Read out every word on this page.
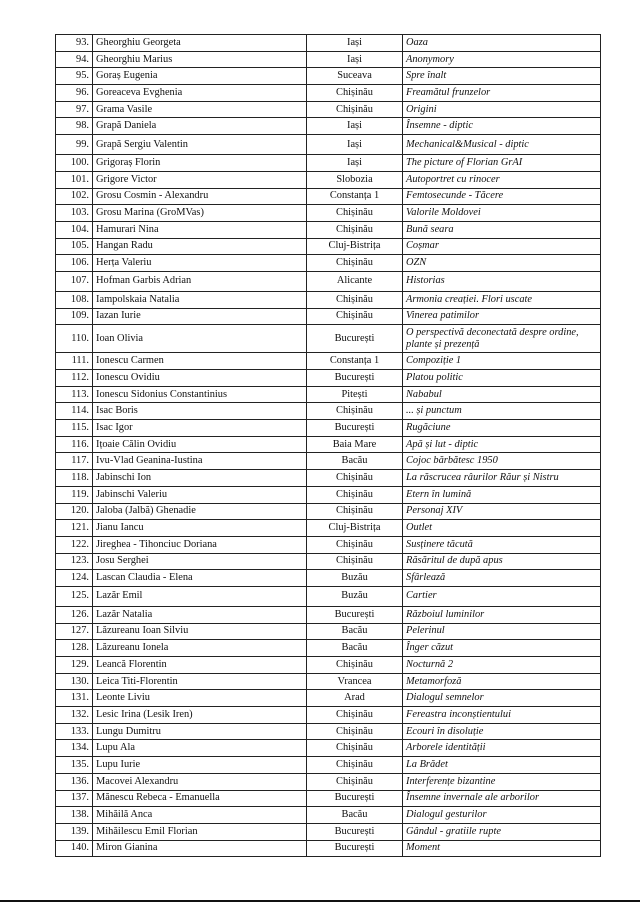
93.	Gheorghiu Georgeta	Iași	Oaza
94.	Gheorghiu Marius	Iași	Anonymory
95.	Goraș Eugenia	Suceava	Spre înalt
96.	Goreaceva Evghenia	Chișinău	Freamătul frunzelor
97.	Grama Vasile	Chișinău	Origini
98.	Grapă Daniela	Iași	Însemne - diptic
99.	Grapă Sergiu Valentin	Iași	Mechanical&Musical - diptic
100.	Grigoraș Florin	Iași	The picture of Florian GrAI
101.	Grigore Victor	Slobozia	Autoportret cu rinocer
102.	Grosu Cosmin - Alexandru	Constanța 1	Femtosecunde - Tăcere
103.	Grosu Marina (GroMVas)	Chișinău	Valorile Moldovei
104.	Hamurari Nina	Chișinău	Bună seara
105.	Hangan Radu	Cluj-Bistrița	Coșmar
106.	Herța Valeriu	Chișinău	OZN
107.	Hofman Garbis Adrian	Alicante	Historias
108.	Iampolskaia Natalia	Chișinău	Armonia creației. Flori uscate
109.	Iazan Iurie	Chișinău	Vinerea patimilor
110.	Ioan Olivia	București	O perspectivă deconectată despre ordine, plante și prezență
111.	Ionescu Carmen	Constanța 1	Compoziție 1
112.	Ionescu Ovidiu	București	Platou politic
113.	Ionescu Sidonius Constantinius	Pitești	Nababul
114.	Isac Boris	Chișinău	... și punctum
115.	Isac Igor	București	Rugăciune
116.	Ițoaie Călin Ovidiu	Baia Mare	Apă și lut - diptic
117.	Ivu-Vlad Geanina-Iustina	Bacău	Cojoc bărbătesc 1950
118.	Jabinschi Ion	Chișinău	La răscrucea râurilor Răur și Nistru
119.	Jabinschi Valeriu	Chișinău	Etern în lumină
120.	Jaloba (Jalbă) Ghenadie	Chișinău	Personaj XIV
121.	Jianu Iancu	Cluj-Bistrița	Outlet
122.	Jireghea - Tihonciuc Doriana	Chișinău	Susținere tăcută
123.	Josu Serghei	Chișinău	Răsăritul de după apus
124.	Lascan Claudia - Elena	Buzău	Sfârlează
125.	Lazăr Emil	Buzău	Cartier
126.	Lazăr Natalia	București	Războiul luminilor
127.	Lăzureanu Ioan Silviu	Bacău	Pelerinul
128.	Lăzureanu Ionela	Bacău	Înger căzut
129.	Leancă Florentin	Chișinău	Nocturnă 2
130.	Leica Titi-Florentin	Vrancea	Metamorfoză
131.	Leonte Liviu	Arad	Dialogul semnelor
132.	Lesic Irina (Lesik Iren)	Chișinău	Fereastra inconștientului
133.	Lungu Dumitru	Chișinău	Ecouri în disoluție
134.	Lupu Ala	Chișinău	Arborele identității
135.	Lupu Iurie	Chișinău	La Brădet
136.	Macovei Alexandru	Chișinău	Interferențe bizantine
137.	Mănescu Rebeca - Emanuella	București	Însemne invernale ale arborilor
138.	Mihăilă Anca	Bacău	Dialogul gesturilor
139.	Mihăilescu Emil Florian	București	Gândul - gratiile rupte
140.	Miron Gianina	București	Moment
